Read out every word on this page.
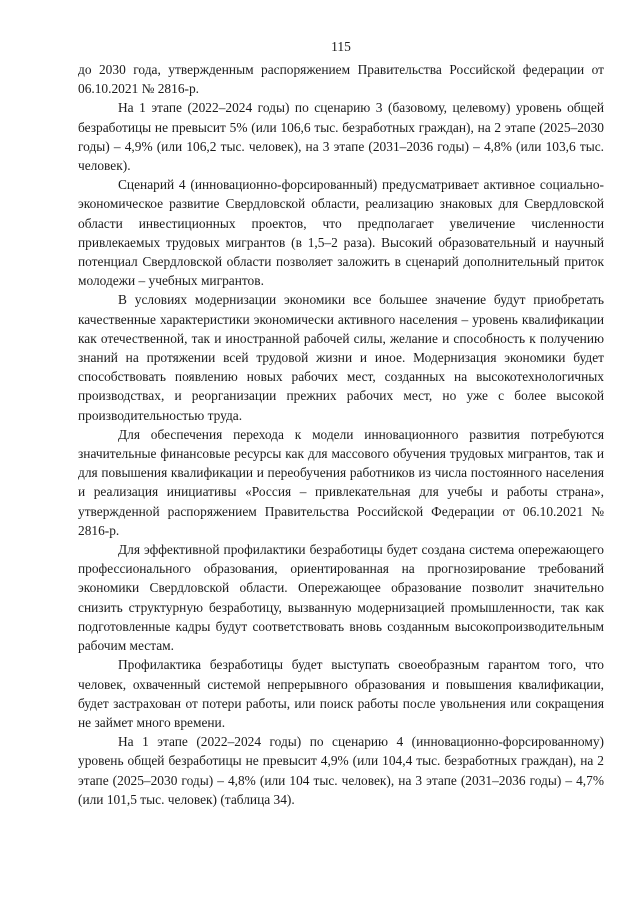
115

до 2030 года, утвержденным распоряжением Правительства Российской федерации от 06.10.2021 № 2816-р.

На 1 этапе (2022–2024 годы) по сценарию 3 (базовому, целевому) уровень общей безработицы не превысит 5% (или 106,6 тыс. безработных граждан), на 2 этапе (2025–2030 годы) – 4,9% (или 106,2 тыс. человек), на 3 этапе (2031–2036 годы) – 4,8% (или 103,6 тыс. человек).

Сценарий 4 (инновационно-форсированный) предусматривает активное социально-экономическое развитие Свердловской области, реализацию знаковых для Свердловской области инвестиционных проектов, что предполагает увеличение численности привлекаемых трудовых мигрантов (в 1,5–2 раза). Высокий образовательный и научный потенциал Свердловской области позволяет заложить в сценарий дополнительный приток молодежи – учебных мигрантов.

В условиях модернизации экономики все большее значение будут приобретать качественные характеристики экономически активного населения – уровень квалификации как отечественной, так и иностранной рабочей силы, желание и способность к получению знаний на протяжении всей трудовой жизни и иное. Модернизация экономики будет способствовать появлению новых рабочих мест, созданных на высокотехнологичных производствах, и реорганизации прежних рабочих мест, но уже с более высокой производительностью труда.

Для обеспечения перехода к модели инновационного развития потребуются значительные финансовые ресурсы как для массового обучения трудовых мигрантов, так и для повышения квалификации и переобучения работников из числа постоянного населения и реализация инициативы «Россия – привлекательная для учебы и работы страна», утвержденной распоряжением Правительства Российской Федерации от 06.10.2021 № 2816-р.

Для эффективной профилактики безработицы будет создана система опережающего профессионального образования, ориентированная на прогнозирование требований экономики Свердловской области. Опережающее образование позволит значительно снизить структурную безработицу, вызванную модернизацией промышленности, так как подготовленные кадры будут соответствовать вновь созданным высокопроизводительным рабочим местам.

Профилактика безработицы будет выступать своеобразным гарантом того, что человек, охваченный системой непрерывного образования и повышения квалификации, будет застрахован от потери работы, или поиск работы после увольнения или сокращения не займет много времени.

На 1 этапе (2022–2024 годы) по сценарию 4 (инновационно-форсированному) уровень общей безработицы не превысит 4,9% (или 104,4 тыс. безработных граждан), на 2 этапе (2025–2030 годы) – 4,8% (или 104 тыс. человек), на 3 этапе (2031–2036 годы) – 4,7% (или 101,5 тыс. человек) (таблица 34).
